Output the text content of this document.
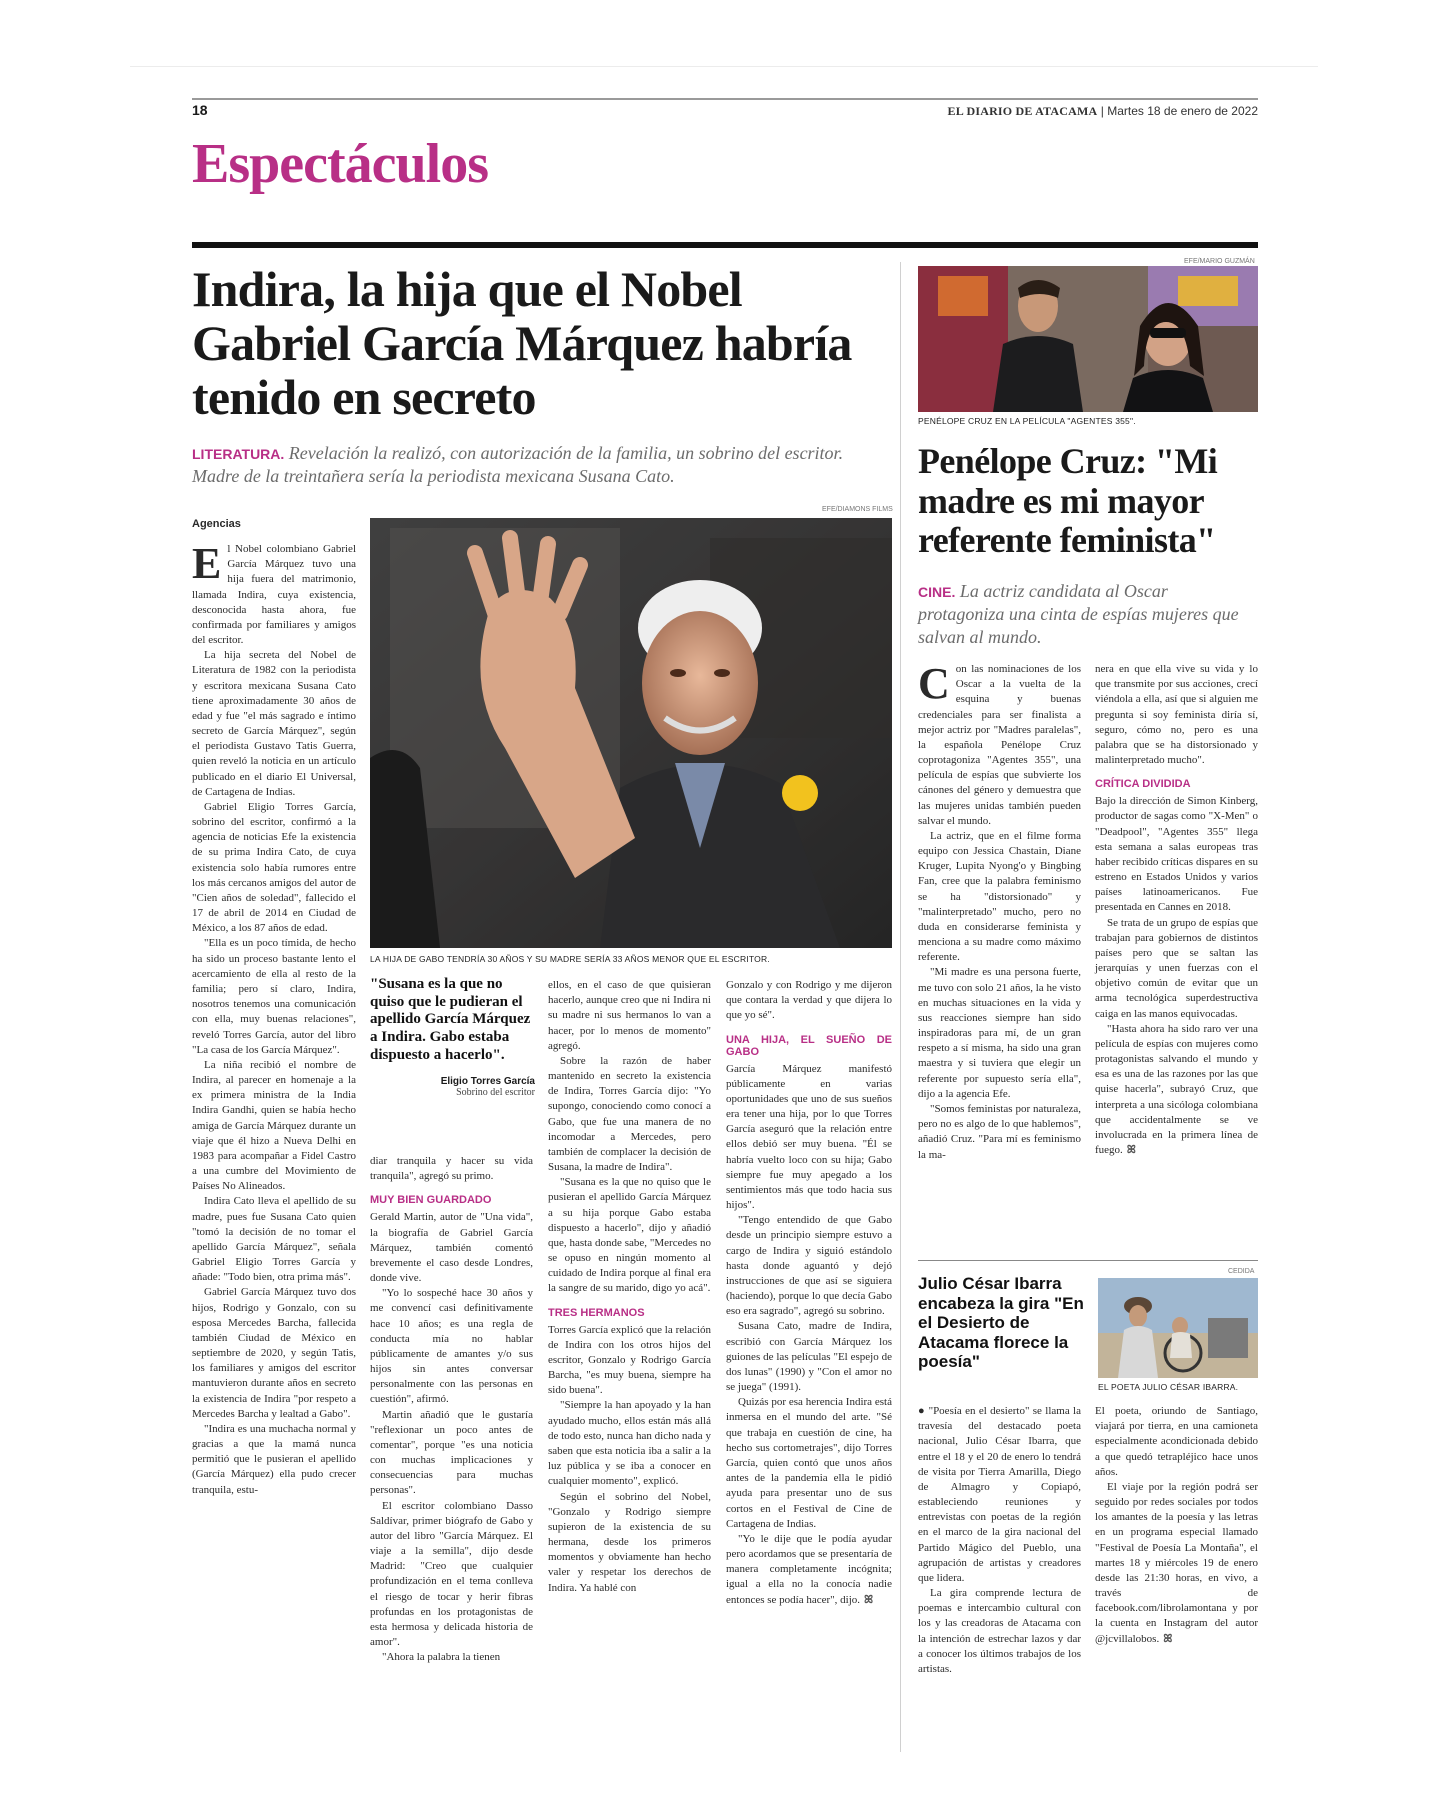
18	EL DIARIO DE ATACAMA | Martes 18 de enero de 2022
Espectáculos
Indira, la hija que el Nobel Gabriel García Márquez habría tenido en secreto
LITERATURA. Revelación la realizó, con autorización de la familia, un sobrino del escritor. Madre de la treintañera sería la periodista mexicana Susana Cato.
Agencias

El Nobel colombiano Gabriel García Márquez tuvo una hija fuera del matrimonio, llamada Indira, cuya existencia, desconocida hasta ahora, fue confirmada por familiares y amigos del escritor.

La hija secreta del Nobel de Literatura de 1982 con la periodista y escritora mexicana Susana Cato tiene aproximadamente 30 años de edad y fue "el más sagrado e íntimo secreto de García Márquez", según el periodista Gustavo Tatis Guerra, quien reveló la noticia en un artículo publicado en el diario El Universal, de Cartagena de Indias.

Gabriel Eligio Torres García, sobrino del escritor, confirmó a la agencia de noticias Efe la existencia de su prima Indira Cato, de cuya existencia solo había rumores entre los más cercanos amigos del autor de "Cien años de soledad", fallecido el 17 de abril de 2014 en Ciudad de México, a los 87 años de edad.

"Ella es un poco tímida, de hecho ha sido un proceso bastante lento el acercamiento de ella al resto de la familia; pero sí claro, Indira, nosotros tenemos una comunicación con ella, muy buenas relaciones", reveló Torres García, autor del libro "La casa de los García Márquez".

La niña recibió el nombre de Indira, al parecer en homenaje a la ex primera ministra de la India Indira Gandhi, quien se había hecho amiga de García Márquez durante un viaje que él hizo a Nueva Delhi en 1983 para acompañar a Fidel Castro a una cumbre del Movimiento de Países No Alineados.

Indira Cato lleva el apellido de su madre, pues fue Susana Cato quien "tomó la decisión de no tomar el apellido García Márquez", señala Gabriel Eligio Torres García y añade: "Todo bien, otra prima más".

Gabriel García Márquez tuvo dos hijos, Rodrigo y Gonzalo, con su esposa Mercedes Barcha, fallecida también Ciudad de México en septiembre de 2020, y según Tatis, los familiares y amigos del escritor mantuvieron durante años en secreto la existencia de Indira "por respeto a Mercedes Barcha y lealtad a Gabo".

"Indira es una muchacha normal y gracias a que la mamá nunca permitió que le pusieran el apellido (García Márquez) ella pudo crecer tranquila, estu-

EFE/DIAMONS FILMS
LA HIJA DE GABO TENDRÍA 30 AÑOS Y SU MADRE SERÍA 33 AÑOS MENOR QUE EL ESCRITOR.
"Susana es la que no quiso que le pudieran el apellido García Márquez a Indira. Gabo estaba dispuesto a hacerlo".
Eligio Torres García
Sobrino del escritor

diar tranquila y hacer su vida tranquila", agregó su primo.

MUY BIEN GUARDADO

Gerald Martin, autor de "Una vida", la biografía de Gabriel García Márquez, también comentó brevemente el caso desde Londres, donde vive.

"Yo lo sospeché hace 30 años y me convencí casi definitivamente hace 10 años; es una regla de conducta mía no hablar públicamente de amantes y/o sus hijos sin antes conversar personalmente con las personas en cuestión", afirmó.

Martin añadió que le gustaría "reflexionar un poco antes de comentar", porque "es una noticia con muchas implicaciones y consecuencias para muchas personas".

El escritor colombiano Dasso Saldívar, primer biógrafo de Gabo y autor del libro "García Márquez. El viaje a la semilla", dijo desde Madrid: "Creo que cualquier profundización en el tema conlleva el riesgo de tocar y herir fibras profundas en los protagonistas de esta hermosa y delicada historia de amor".

"Ahora la palabra la tienen

ellos, en el caso de que quisieran hacerlo, aunque creo que ni Indira ni su madre ni sus hermanos lo van a hacer, por lo menos de momento" agregó.

Sobre la razón de haber mantenido en secreto la existencia de Indira, Torres García dijo: "Yo supongo, conociendo como conocí a Gabo, que fue una manera de no incomodar a Mercedes, pero también de complacer la decisión de Susana, la madre de Indira".

"Susana es la que no quiso que le pusieran el apellido García Márquez a su hija porque Gabo estaba dispuesto a hacerlo", dijo y añadió que, hasta donde sabe, "Mercedes no se opuso en ningún momento al cuidado de Indira porque al final era la sangre de su marido, digo yo acá".

TRES HERMANOS

Torres García explicó que la relación de Indira con los otros hijos del escritor, Gonzalo y Rodrigo García Barcha, "es muy buena, siempre ha sido buena".

"Siempre la han apoyado y la han ayudado mucho, ellos están más allá de todo esto, nunca han dicho nada y saben que esta noticia iba a salir a la luz pública y se iba a conocer en cualquier momento", explicó.

Según el sobrino del Nobel, "Gonzalo y Rodrigo siempre supieron de la existencia de su hermana, desde los primeros momentos y obviamente han hecho valer y respetar los derechos de Indira. Ya hablé con

Gonzalo y con Rodrigo y me dijeron que contara la verdad y que dijera lo que yo sé".

UNA HIJA, EL SUEÑO DE GABO

García Márquez manifestó públicamente en varias oportunidades que uno de sus sueños era tener una hija, por lo que Torres García aseguró que la relación entre ellos debió ser muy buena. "Él se habría vuelto loco con su hija; Gabo siempre fue muy apegado a los sentimientos más que todo hacia sus hijos".

"Tengo entendido de que Gabo desde un principio siempre estuvo a cargo de Indira y siguió estándolo hasta donde aguantó y dejó instrucciones de que así se siguiera (haciendo), porque lo que decía Gabo eso era sagrado", agregó su sobrino.

Susana Cato, madre de Indira, escribió con García Márquez los guiones de las películas "El espejo de dos lunas" (1990) y "Con el amor no se juega" (1991).

Quizás por esa herencia Indira está inmersa en el mundo del arte. "Sé que trabaja en cuestión de cine, ha hecho sus cortometrajes", dijo Torres García, quien contó que unos años antes de la pandemia ella le pidió ayuda para presentar uno de sus cortos en el Festival de Cine de Cartagena de Indias.

"Yo le dije que le podía ayudar pero acordamos que se presentaría de manera completamente incógnita; igual a ella no la conocía nadie entonces se podía hacer", dijo. ꕤ

EFE/MARIO GUZMÁN
PENÉLOPE CRUZ EN LA PELÍCULA "AGENTES 355".
Penélope Cruz: "Mi madre es mi mayor referente feminista"
CINE. La actriz candidata al Oscar protagoniza una cinta de espías mujeres que salvan al mundo.

Con las nominaciones de los Oscar a la vuelta de la esquina y buenas credenciales para ser finalista a mejor actriz por "Madres paralelas", la española Penélope Cruz coprotagoniza "Agentes 355", una película de espías que subvierte los cánones del género y demuestra que las mujeres unidas también pueden salvar el mundo.

La actriz, que en el filme forma equipo con Jessica Chastain, Diane Kruger, Lupita Nyong'o y Bingbing Fan, cree que la palabra feminismo se ha "distorsionado" y "malinterpretado" mucho, pero no duda en considerarse feminista y menciona a su madre como máximo referente.

"Mi madre es una persona fuerte, me tuvo con solo 21 años, la he visto en muchas situaciones en la vida y sus reacciones siempre han sido inspiradoras para mí, de un gran respeto a sí misma, ha sido una gran maestra y si tuviera que elegir un referente por supuesto sería ella", dijo a la agencia Efe.

"Somos feministas por naturaleza, pero no es algo de lo que hablemos", añadió Cruz. "Para mí es feminismo la ma-

nera en que ella vive su vida y lo que transmite por sus acciones, crecí viéndola a ella, así que si alguien me pregunta si soy feminista diría sí, seguro, cómo no, pero es una palabra que se ha distorsionado y malinterpretado mucho".

CRÍTICA DIVIDIDA

Bajo la dirección de Simon Kinberg, productor de sagas como "X-Men" o "Deadpool", "Agentes 355" llega esta semana a salas europeas tras haber recibido críticas dispares en su estreno en Estados Unidos y varios países latinoamericanos. Fue presentada en Cannes en 2018.

Se trata de un grupo de espías que trabajan para gobiernos de distintos países pero que se saltan las jerarquías y unen fuerzas con el objetivo común de evitar que un arma tecnológica superdestructiva caiga en las manos equivocadas.

"Hasta ahora ha sido raro ver una película de espías con mujeres como protagonistas salvando el mundo y esa es una de las razones por las que quise hacerla", subrayó Cruz, que interpreta a una sicóloga colombiana que accidentalmente se ve involucrada en la primera línea de fuego. ꕤ

Julio César Ibarra encabeza la gira "En el Desierto de Atacama florece la poesía"
CEDIDA
EL POETA JULIO CÉSAR IBARRA.

● "Poesía en el desierto" se llama la travesía del destacado poeta nacional, Julio César Ibarra, que entre el 18 y el 20 de enero lo tendrá de visita por Tierra Amarilla, Diego de Almagro y Copiapó, estableciendo reuniones y entrevistas con poetas de la región en el marco de la gira nacional del Partido Mágico del Pueblo, una agrupación de artistas y creadores que lidera.

La gira comprende lectura de poemas e intercambio cultural con los y las creadoras de Atacama con la intención de estrechar lazos y dar a conocer los últimos trabajos de los artistas.

El poeta, oriundo de Santiago, viajará por tierra, en una camioneta especialmente acondicionada debido a que quedó tetrapléjico hace unos años.

El viaje por la región podrá ser seguido por redes sociales por todos los amantes de la poesía y las letras en un programa especial llamado "Festival de Poesía La Montaña", el martes 18 y miércoles 19 de enero desde las 21:30 horas, en vivo, a través de facebook.com/librolamontana y por la cuenta en Instagram del autor @jcvillalobos. ꕤ
